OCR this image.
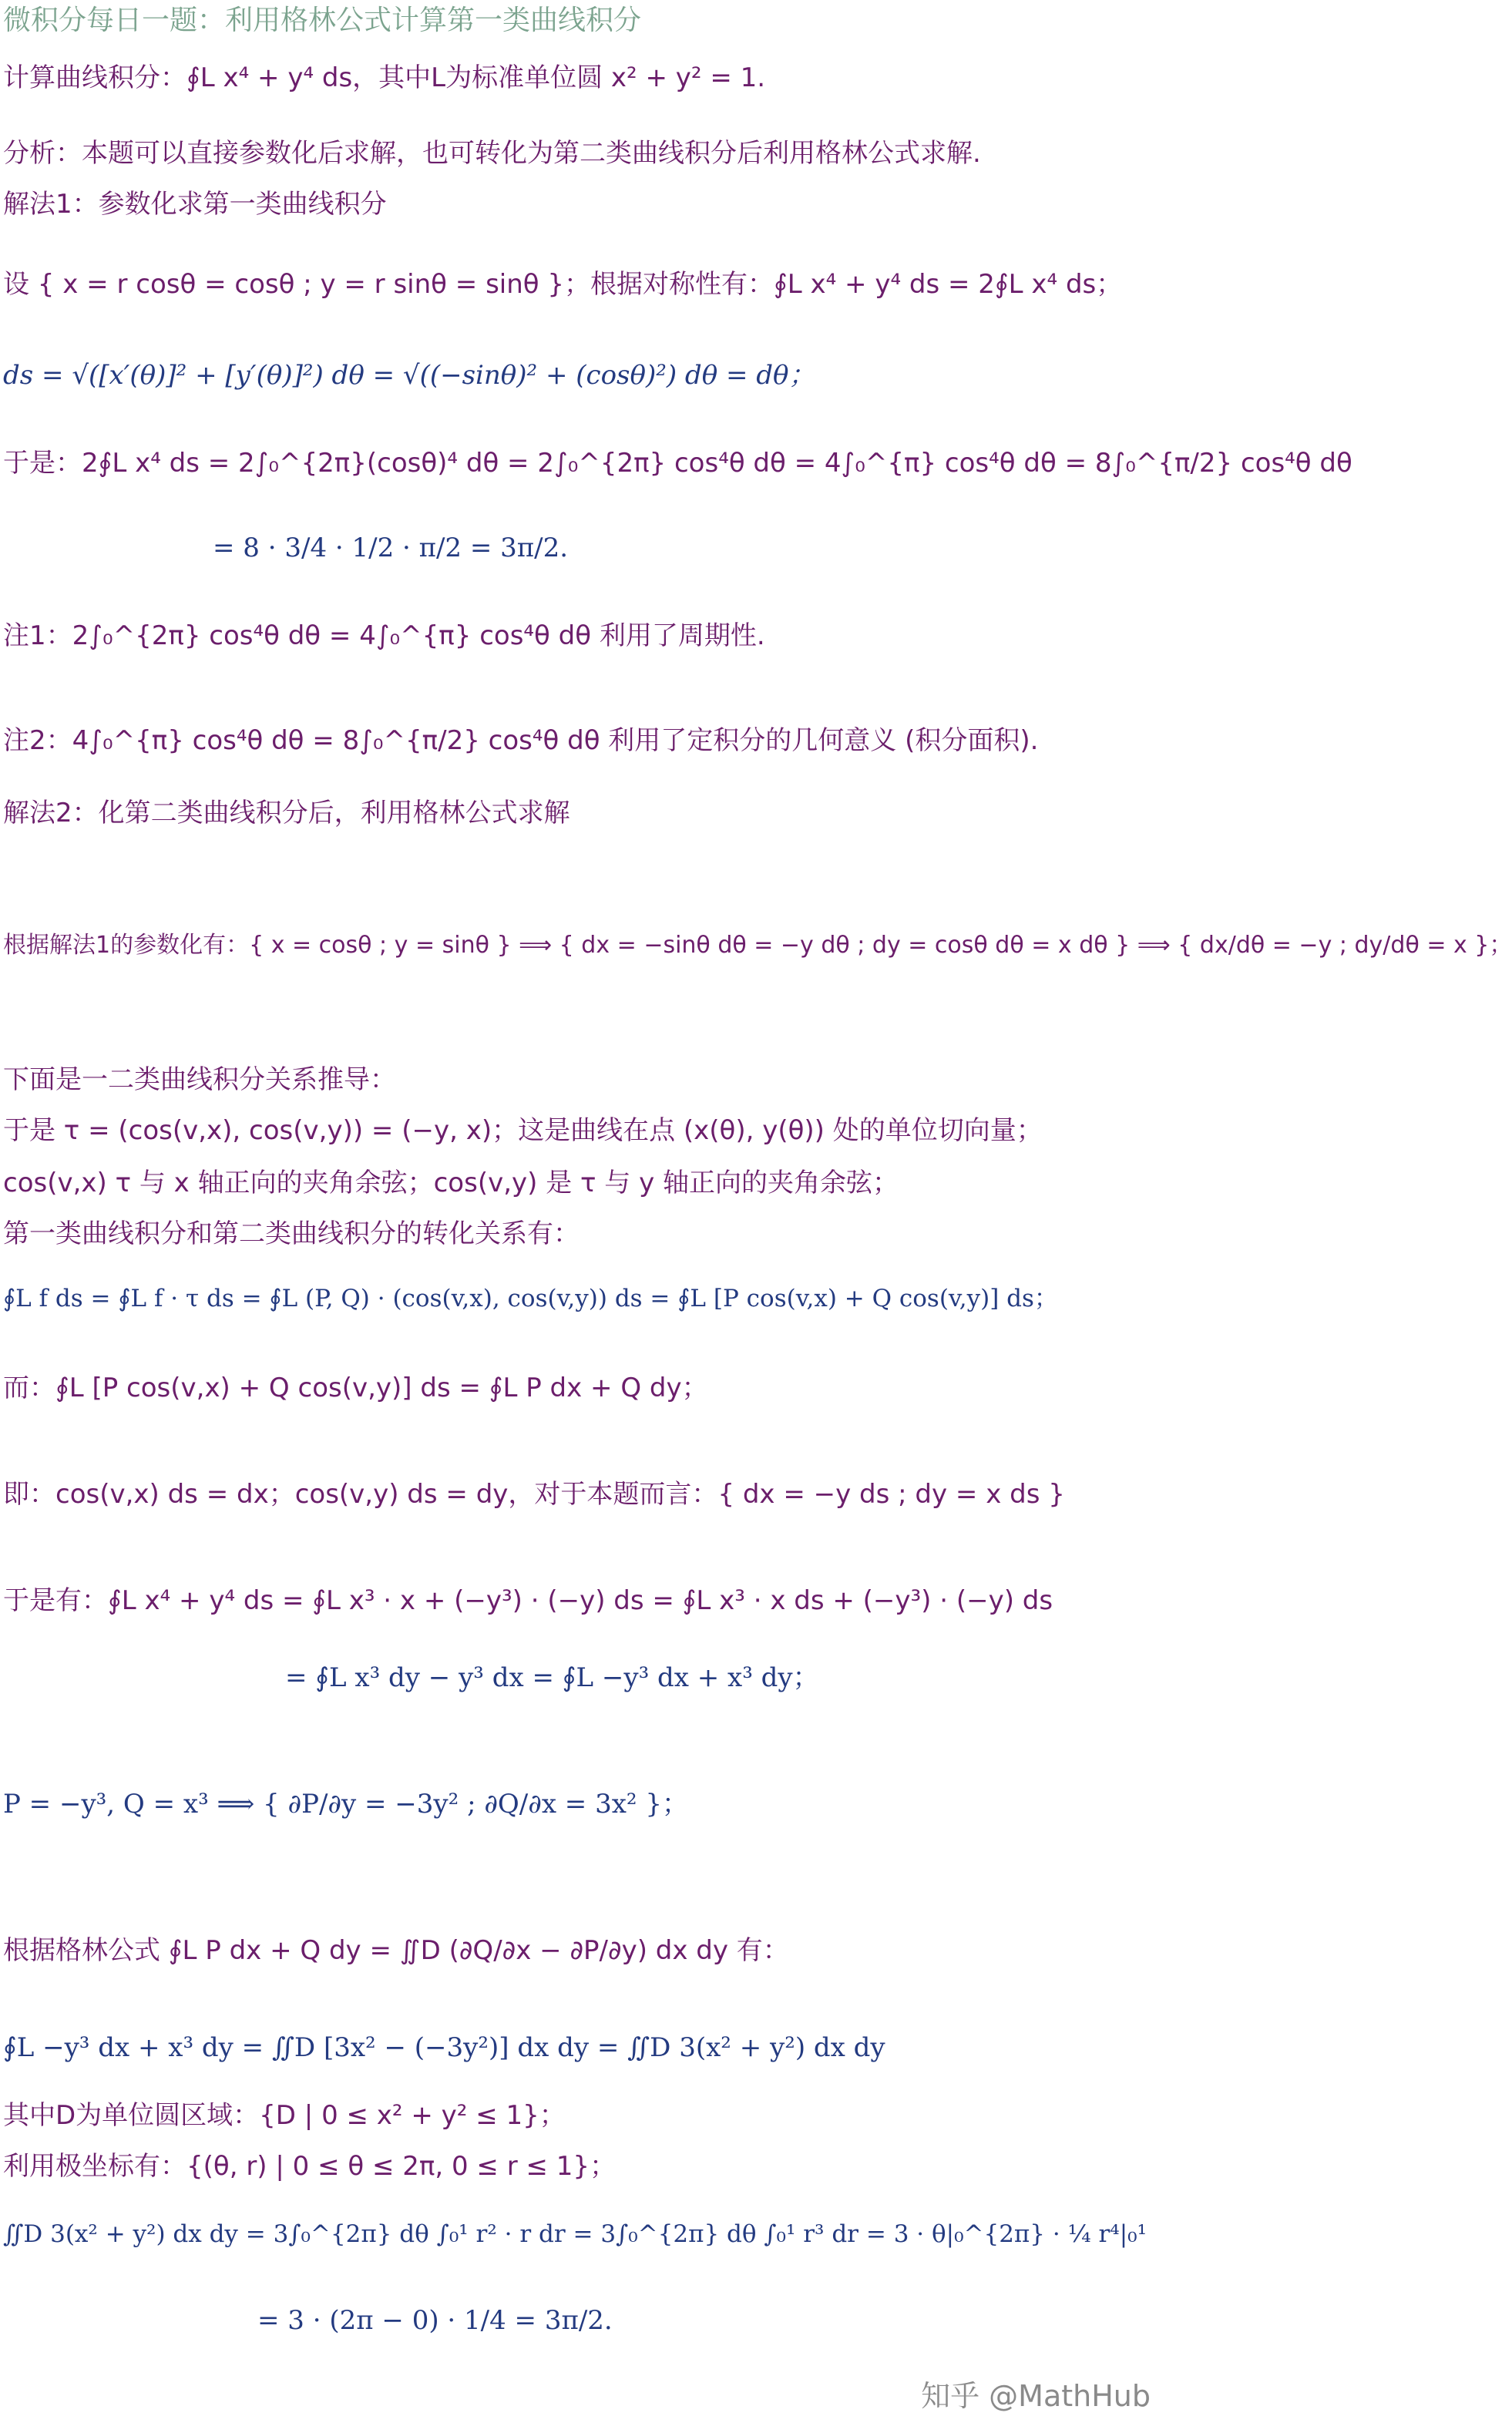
微积分每日一题：利用格林公式计算第一类曲线积分
计算曲线积分：∮L x⁴ + y⁴ ds，其中L为标准单位圆 x² + y² = 1.
分析：本题可以直接参数化后求解，也可转化为第二类曲线积分后利用格林公式求解.
解法1：参数化求第一类曲线积分
设 { x = r cosθ = cosθ ; y = r sinθ = sinθ }；根据对称性有：∮L x⁴ + y⁴ ds = 2∮L x⁴ ds；
ds = √([x′(θ)]² + [y′(θ)]²) dθ = √((−sinθ)² + (cosθ)²) dθ = dθ；
于是：2∮L x⁴ ds = 2∫₀^{2π}(cosθ)⁴ dθ = 2∫₀^{2π} cos⁴θ dθ = 4∫₀^{π} cos⁴θ dθ = 8∫₀^{π/2} cos⁴θ dθ
= 8 · 3/4 · 1/2 · π/2 = 3π/2.
注1：2∫₀^{2π} cos⁴θ dθ = 4∫₀^{π} cos⁴θ dθ 利用了周期性.
注2：4∫₀^{π} cos⁴θ dθ = 8∫₀^{π/2} cos⁴θ dθ 利用了定积分的几何意义 (积分面积).
解法2：化第二类曲线积分后，利用格林公式求解
根据解法1的参数化有：{ x = cosθ ; y = sinθ } ⟹ { dx = −sinθ dθ = −y dθ ; dy = cosθ dθ = x dθ } ⟹ { dx/dθ = −y ; dy/dθ = x }；
下面是一二类曲线积分关系推导：
于是 τ = (cos(v,x), cos(v,y)) = (−y, x)；这是曲线在点 (x(θ), y(θ)) 处的单位切向量；
cos(v,x) τ 与 x 轴正向的夹角余弦；cos(v,y) 是 τ 与 y 轴正向的夹角余弦；
第一类曲线积分和第二类曲线积分的转化关系有：
∮L f ds = ∮L f · τ ds = ∮L (P, Q) · (cos(v,x), cos(v,y)) ds = ∮L [P cos(v,x) + Q cos(v,y)] ds；
而：∮L [P cos(v,x) + Q cos(v,y)] ds = ∮L P dx + Q dy；
即：cos(v,x) ds = dx；cos(v,y) ds = dy，对于本题而言：{ dx = −y ds ; dy = x ds }
于是有：∮L x⁴ + y⁴ ds = ∮L x³ · x + (−y³) · (−y) ds = ∮L x³ · x ds + (−y³) · (−y) ds
= ∮L x³ dy − y³ dx = ∮L −y³ dx + x³ dy；
P = −y³, Q = x³ ⟹ { ∂P/∂y = −3y² ; ∂Q/∂x = 3x² }；
根据格林公式 ∮L P dx + Q dy = ∬D (∂Q/∂x − ∂P/∂y) dx dy 有：
∮L −y³ dx + x³ dy = ∬D [3x² − (−3y²)] dx dy = ∬D 3(x² + y²) dx dy
其中D为单位圆区域：{D | 0 ≤ x² + y² ≤ 1}；
利用极坐标有：{(θ, r) | 0 ≤ θ ≤ 2π, 0 ≤ r ≤ 1}；
∬D 3(x² + y²) dx dy = 3∫₀^{2π} dθ ∫₀¹ r² · r dr = 3∫₀^{2π} dθ ∫₀¹ r³ dr = 3 · θ|₀^{2π} · ¼ r⁴|₀¹
= 3 · (2π − 0) · 1/4 = 3π/2.
知乎 @MathHub
